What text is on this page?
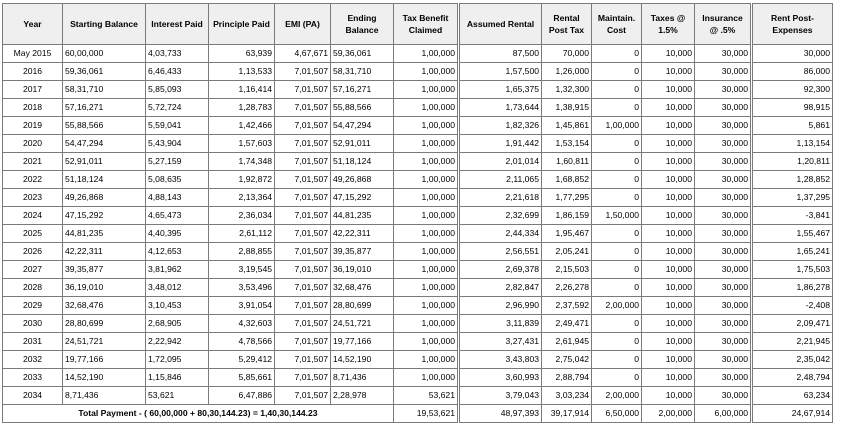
Year	Starting Balance	Interest Paid	Principle Paid	EMI (PA)	Ending Balance	Tax Benefit Claimed	Assumed Rental	Rental Post Tax	Maintain. Cost	Taxes @ 1.5%	Insurance @ .5%	Rent Post-Expenses
May 2015	60,00,000	4,03,733	63,939	4,67,671	59,36,061	1,00,000	87,500	70,000	0	10,000	30,000	30,000
2016	59,36,061	6,46,433	1,13,533	7,01,507	58,31,710	1,00,000	1,57,500	1,26,000	0	10,000	30,000	86,000
2017	58,31,710	5,85,093	1,16,414	7,01,507	57,16,271	1,00,000	1,65,375	1,32,300	0	10,000	30,000	92,300
2018	57,16,271	5,72,724	1,28,783	7,01,507	55,88,566	1,00,000	1,73,644	1,38,915	0	10,000	30,000	98,915
2019	55,88,566	5,59,041	1,42,466	7,01,507	54,47,294	1,00,000	1,82,326	1,45,861	1,00,000	10,000	30,000	5,861
2020	54,47,294	5,43,904	1,57,603	7,01,507	52,91,011	1,00,000	1,91,442	1,53,154	0	10,000	30,000	1,13,154
2021	52,91,011	5,27,159	1,74,348	7,01,507	51,18,124	1,00,000	2,01,014	1,60,811	0	10,000	30,000	1,20,811
2022	51,18,124	5,08,635	1,92,872	7,01,507	49,26,868	1,00,000	2,11,065	1,68,852	0	10,000	30,000	1,28,852
2023	49,26,868	4,88,143	2,13,364	7,01,507	47,15,292	1,00,000	2,21,618	1,77,295	0	10,000	30,000	1,37,295
2024	47,15,292	4,65,473	2,36,034	7,01,507	44,81,235	1,00,000	2,32,699	1,86,159	1,50,000	10,000	30,000	-3,841
2025	44,81,235	4,40,395	2,61,112	7,01,507	42,22,311	1,00,000	2,44,334	1,95,467	0	10,000	30,000	1,55,467
2026	42,22,311	4,12,653	2,88,855	7,01,507	39,35,877	1,00,000	2,56,551	2,05,241	0	10,000	30,000	1,65,241
2027	39,35,877	3,81,962	3,19,545	7,01,507	36,19,010	1,00,000	2,69,378	2,15,503	0	10,000	30,000	1,75,503
2028	36,19,010	3,48,012	3,53,496	7,01,507	32,68,476	1,00,000	2,82,847	2,26,278	0	10,000	30,000	1,86,278
2029	32,68,476	3,10,453	3,91,054	7,01,507	28,80,699	1,00,000	2,96,990	2,37,592	2,00,000	10,000	30,000	-2,408
2030	28,80,699	2,68,905	4,32,603	7,01,507	24,51,721	1,00,000	3,11,839	2,49,471	0	10,000	30,000	2,09,471
2031	24,51,721	2,22,942	4,78,566	7,01,507	19,77,166	1,00,000	3,27,431	2,61,945	0	10,000	30,000	2,21,945
2032	19,77,166	1,72,095	5,29,412	7,01,507	14,52,190	1,00,000	3,43,803	2,75,042	0	10,000	30,000	2,35,042
2033	14,52,190	1,15,846	5,85,661	7,01,507	8,71,436	1,00,000	3,60,993	2,88,794	0	10,000	30,000	2,48,794
2034	8,71,436	53,621	6,47,886	7,01,507	2,28,978	53,621	3,79,043	3,03,234	2,00,000	10,000	30,000	63,234
Total Payment - ( 60,00,000 + 80,30,144.23) = 1,40,30,144.23						19,53,621	48,97,393	39,17,914	6,50,000	2,00,000	6,00,000	24,67,914
